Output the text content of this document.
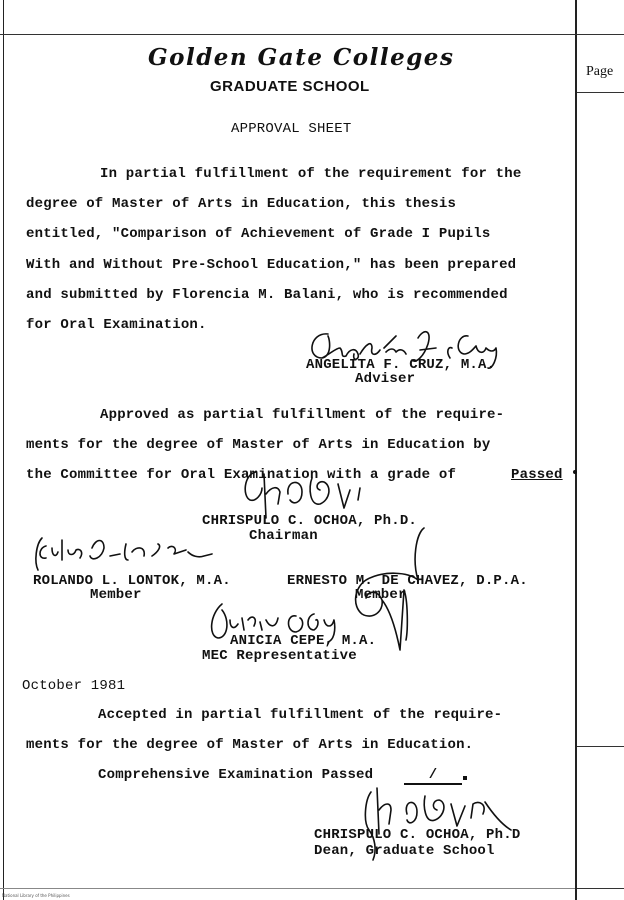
Golden Gate Colleges
GRADUATE SCHOOL
Page
APPROVAL SHEET
In partial fulfillment of the requirement for the
degree of Master of Arts in Education, this thesis
entitled, "Comparison of Achievement of Grade I Pupils
With and Without Pre-School Education," has been prepared
and submitted by Florencia M. Balani, who is recommended
for Oral Examination.
ANGELITA F. CRUZ, M.A.
Adviser
Approved as partial fulfillment of the require-
ments for the degree of Master of Arts in Education by
the Committee for Oral Examination with a grade of	Passed
CHRISPULO C. OCHOA, Ph.D.
Chairman
ROLANDO L. LONTOK, M.A.
Member
ERNESTO M. DE CHAVEZ, D.P.A.
Member
ANICIA CEPE, M.A.
MEC Representative
October 1981
Accepted in partial fulfillment of the require-
ments for the degree of Master of Arts in Education.
Comprehensive Examination Passed	/
CHRISPULO C. OCHOA, Ph.D
Dean, Graduate School
National Library of the Philippines
